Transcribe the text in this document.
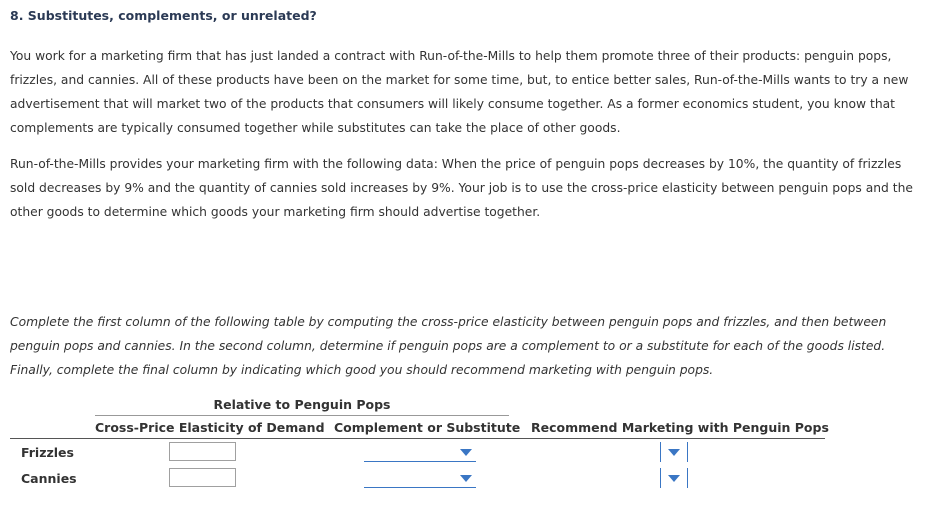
8. Substitutes, complements, or unrelated?
You work for a marketing firm that has just landed a contract with Run-of-the-Mills to help them promote three of their products: penguin pops, frizzles, and cannies. All of these products have been on the market for some time, but, to entice better sales, Run-of-the-Mills wants to try a new advertisement that will market two of the products that consumers will likely consume together. As a former economics student, you know that complements are typically consumed together while substitutes can take the place of other goods.
Run-of-the-Mills provides your marketing firm with the following data: When the price of penguin pops decreases by 10%, the quantity of frizzles sold decreases by 9% and the quantity of cannies sold increases by 9%. Your job is to use the cross-price elasticity between penguin pops and the other goods to determine which goods your marketing firm should advertise together.
Complete the first column of the following table by computing the cross-price elasticity between penguin pops and frizzles, and then between penguin pops and cannies. In the second column, determine if penguin pops are a complement to or a substitute for each of the goods listed. Finally, complete the final column by indicating which good you should recommend marketing with penguin pops.
Relative to Penguin Pops
Cross-Price Elasticity of Demand Complement or Substitute Recommend Marketing with Penguin Pops
Frizzles
Cannies
